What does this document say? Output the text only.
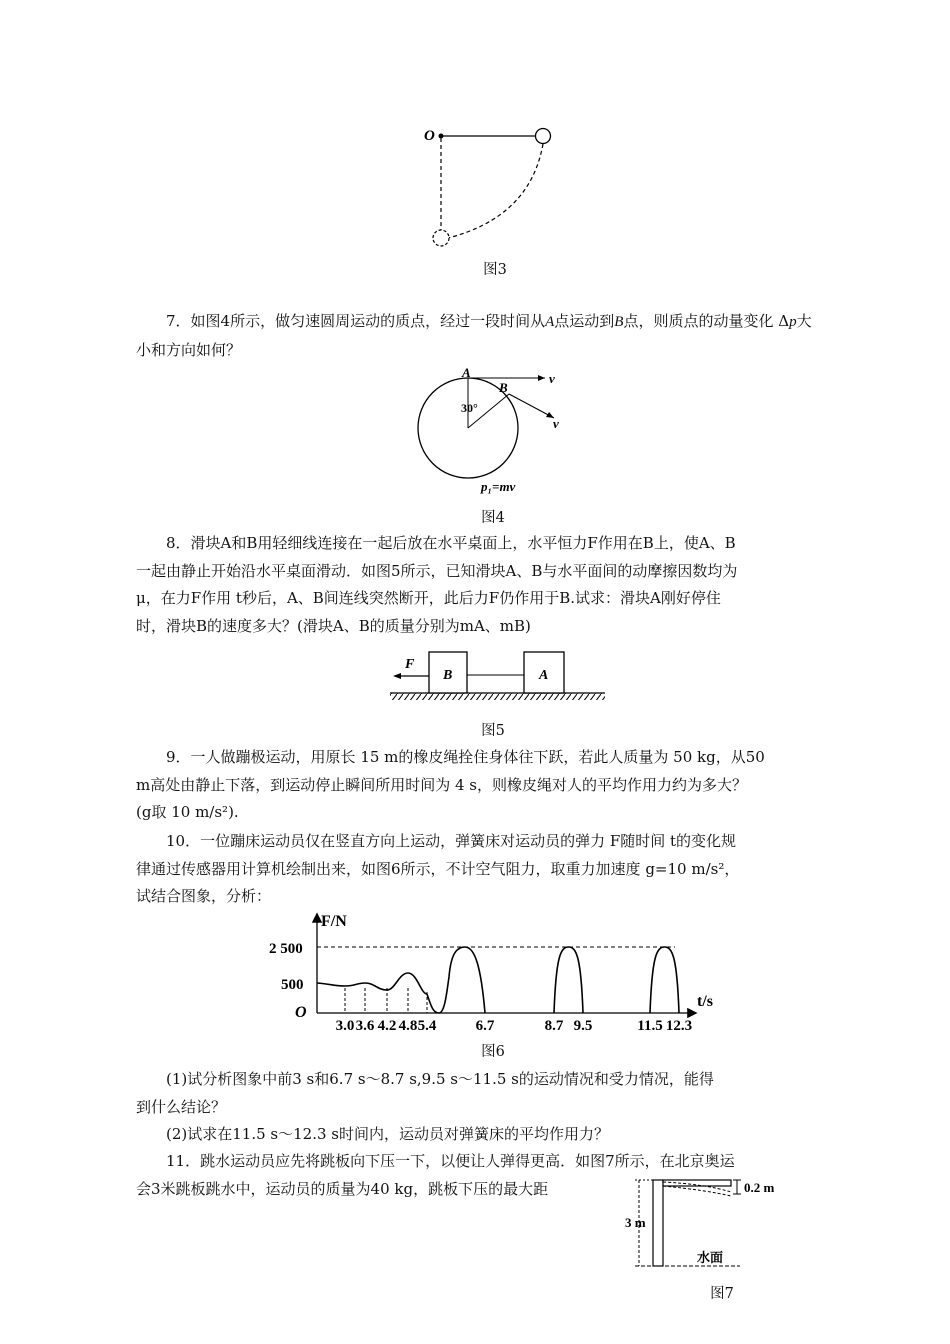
O
图3

7．如图4所示，做匀速圆周运动的质点，经过一段时间从A点运动到B点，则质点的动量变化 Δp大小和方向如何？

A
B
v
v
30°
p₁=mv
图4
8．滑块A和B用轻细线连接在一起后放在水平桌面上，水平恒力F作用在B上，使A、B
一起由静止开始沿水平桌面滑动．如图5所示，已知滑块A、B与水平面间的动摩擦因数均为
μ，在力F作用 t秒后，A、B间连线突然断开，此后力F仍作用于B.试求：滑块A刚好停住
时，滑块B的速度多大？(滑块A、B的质量分别为mA、mB)
F
B	A
图5
9．一人做蹦极运动，用原长 15 m的橡皮绳拴住身体往下跃，若此人质量为 50 kg，从50
m高处由静止下落，到运动停止瞬间所用时间为 4 s，则橡皮绳对人的平均作用力约为多大？
(g取 10 m/s²).
10．一位蹦床运动员仅在竖直方向上运动，弹簧床对运动员的弹力 F随时间 t的变化规
律通过传感器用计算机绘制出来，如图6所示，不计空气阻力，取重力加速度 g=10 m/s²，
试结合图象，分析：
F/N
t/s
O
2 500
500
3.0 3.6 4.2 4.8 5.4	6.7	8.7 9.5	11.5 12.3
图6
(1)试分析图象中前3 s和6.7 s～8.7 s,9.5 s～11.5 s的运动情况和受力情况，能得
到什么结论？
(2)试求在11.5 s～12.3 s时间内，运动员对弹簧床的平均作用力？
11．跳水运动员应先将跳板向下压一下，以便让人弹得更高．如图7所示，在北京奥运
会3米跳板跳水中，运动员的质量为40 kg，跳板下压的最大距	0.2 m
3 m
水面
图7
